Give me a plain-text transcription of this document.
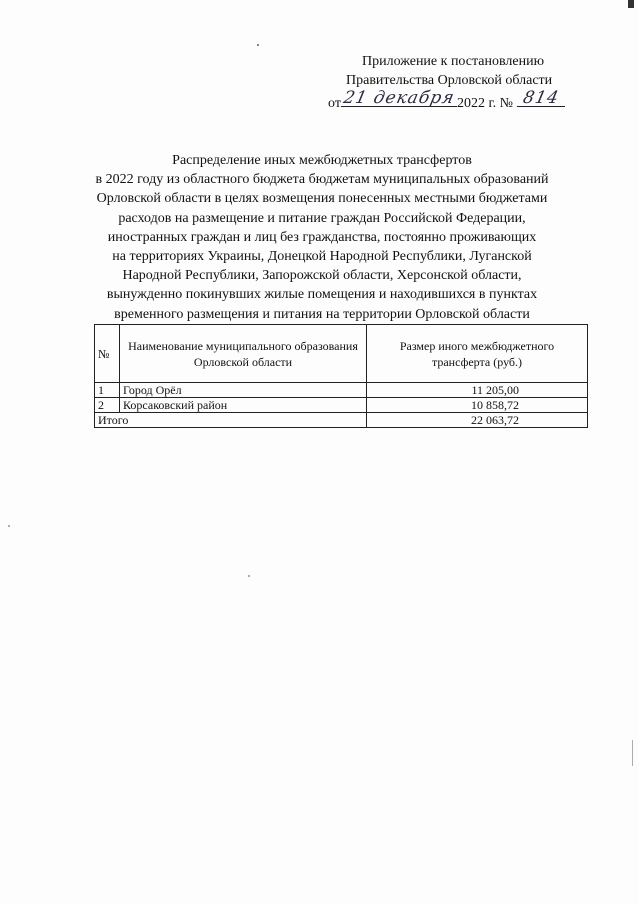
Приложение к постановлению
Правительства Орловской области
от 21 декабря 2022 г. № 814
Распределение иных межбюджетных трансфертов
в 2022 году из областного бюджета бюджетам муниципальных образований
Орловской области в целях возмещения понесенных местными бюджетами
расходов на размещение и питание граждан Российской Федерации,
иностранных граждан и лиц без гражданства, постоянно проживающих
на территориях Украины, Донецкой Народной Республики, Луганской
Народной Республики, Запорожской области, Херсонской области,
вынужденно покинувших жилые помещения и находившихся в пунктах
временного размещения и питания на территории Орловской области
№	Наименование муниципального образования Орловской области	Размер иного межбюджетного трансферта (руб.)
1	Город Орёл	11 205,00
2	Корсаковский район	10 858,72
Итого		22 063,72
